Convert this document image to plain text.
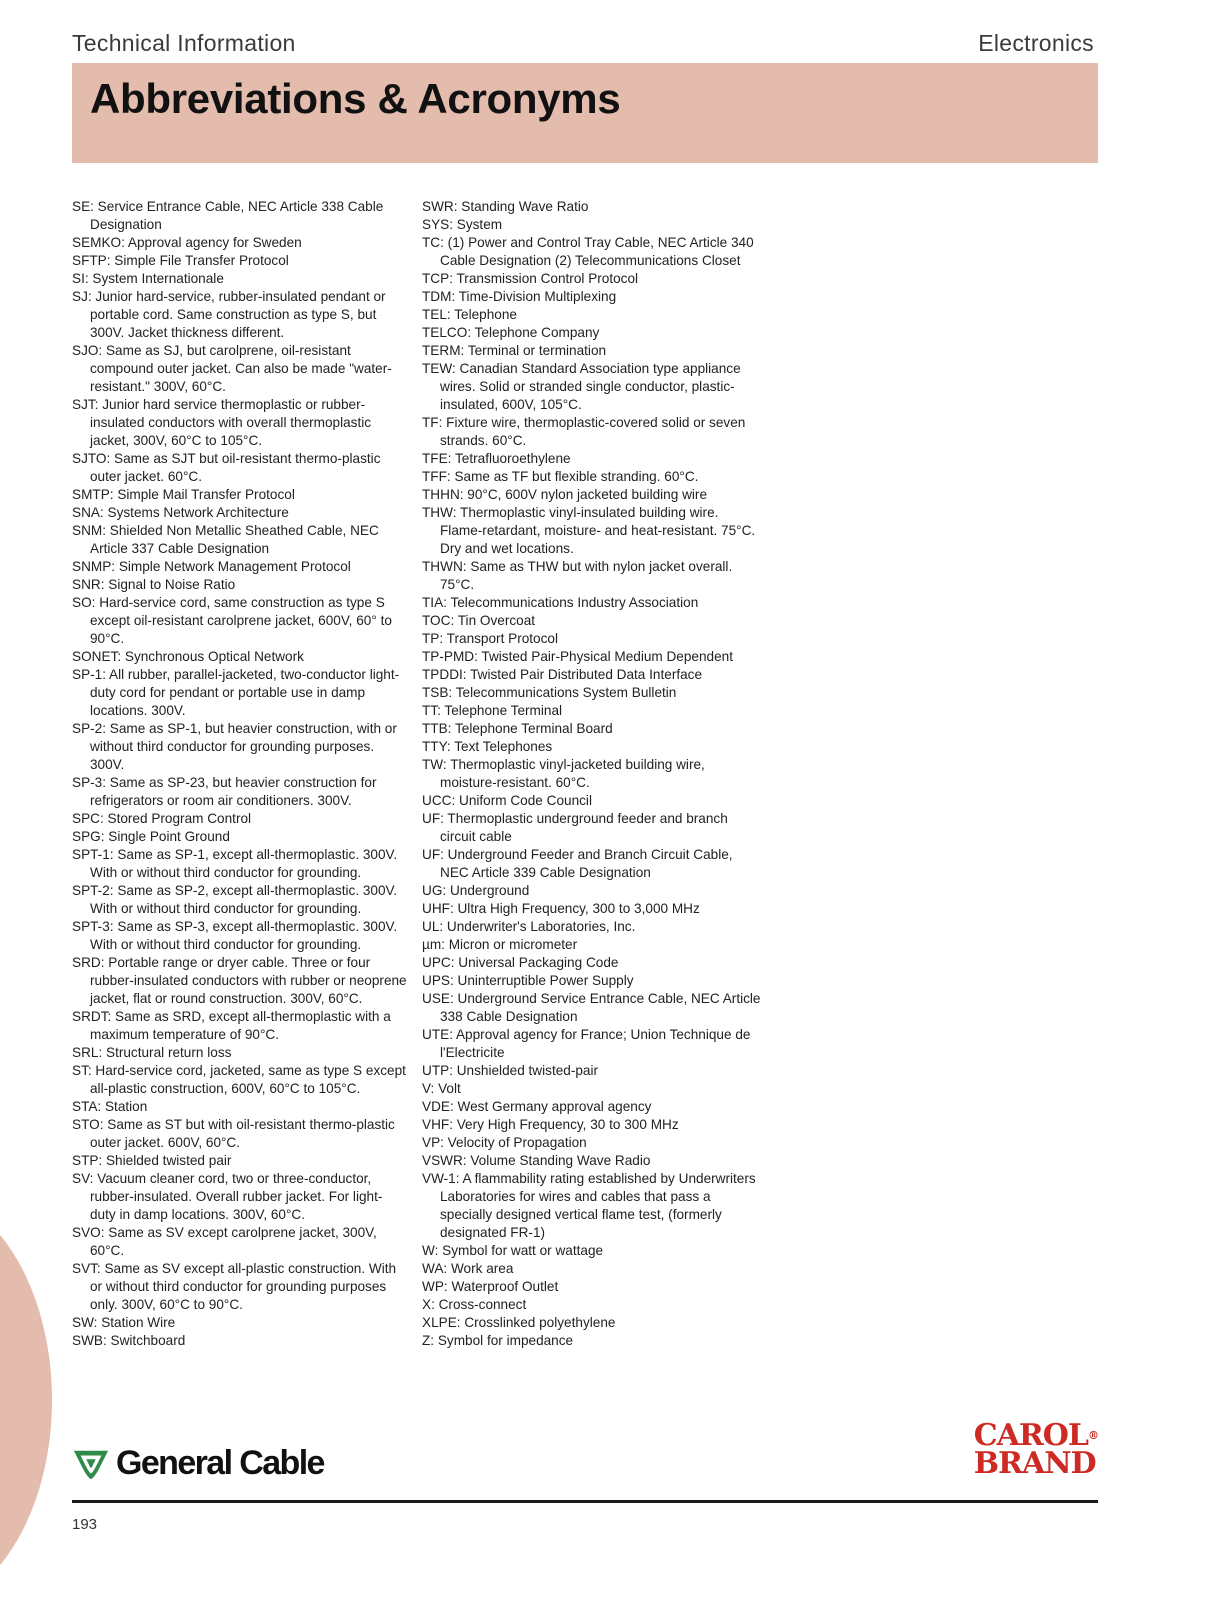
Technical Information	Electronics
Abbreviations & Acronyms

SE: Service Entrance Cable, NEC Article 338 Cable Designation

SEMKO: Approval agency for Sweden

SFTP: Simple File Transfer Protocol

SI: System Internationale

SJ: Junior hard-service, rubber-insulated pendant or portable cord. Same construction as type S, but 300V. Jacket thickness different.

SJO: Same as SJ, but carolprene, oil-resistant compound outer jacket. Can also be made "water-resistant." 300V, 60°C.

SJT: Junior hard service thermoplastic or rubber-insulated conductors with overall thermoplastic jacket, 300V, 60°C to 105°C.

SJTO: Same as SJT but oil-resistant thermo-plastic outer jacket. 60°C.

SMTP: Simple Mail Transfer Protocol

SNA: Systems Network Architecture

SNM: Shielded Non Metallic Sheathed Cable, NEC Article 337 Cable Designation

SNMP: Simple Network Management Protocol

SNR: Signal to Noise Ratio

SO: Hard-service cord, same construction as type S except oil-resistant carolprene jacket, 600V, 60° to 90°C.

SONET: Synchronous Optical Network

SP-1: All rubber, parallel-jacketed, two-conductor light-duty cord for pendant or portable use in damp locations. 300V.

SP-2: Same as SP-1, but heavier construction, with or without third conductor for grounding purposes. 300V.

SP-3: Same as SP-23, but heavier construction for refrigerators or room air conditioners. 300V.

SPC: Stored Program Control

SPG: Single Point Ground

SPT-1: Same as SP-1, except all-thermoplastic. 300V. With or without third conductor for grounding.

SPT-2: Same as SP-2, except all-thermoplastic. 300V. With or without third conductor for grounding.

SPT-3: Same as SP-3, except all-thermoplastic. 300V. With or without third conductor for grounding.

SRD: Portable range or dryer cable. Three or four rubber-insulated conductors with rubber or neoprene jacket, flat or round construction. 300V, 60°C.

SRDT: Same as SRD, except all-thermoplastic with a maximum temperature of 90°C.

SRL: Structural return loss

ST: Hard-service cord, jacketed, same as type S except all-plastic construction, 600V, 60°C to 105°C.

STA: Station

STO: Same as ST but with oil-resistant thermo-plastic outer jacket. 600V, 60°C.

STP: Shielded twisted pair

SV: Vacuum cleaner cord, two or three-conductor, rubber-insulated. Overall rubber jacket. For light-duty in damp locations. 300V, 60°C.

SVO: Same as SV except carolprene jacket, 300V, 60°C.

SVT: Same as SV except all-plastic construction. With or without third conductor for grounding purposes only. 300V, 60°C to 90°C.

SW: Station Wire

SWB: Switchboard

SWR: Standing Wave Ratio

SYS: System

TC: (1) Power and Control Tray Cable, NEC Article 340 Cable Designation (2) Telecommunications Closet

TCP: Transmission Control Protocol

TDM: Time-Division Multiplexing

TEL: Telephone

TELCO: Telephone Company

TERM: Terminal or termination

TEW: Canadian Standard Association type appliance wires. Solid or stranded single conductor, plastic-insulated, 600V, 105°C.

TF: Fixture wire, thermoplastic-covered solid or seven strands. 60°C.

TFE: Tetrafluoroethylene

TFF: Same as TF but flexible stranding. 60°C.

THHN: 90°C, 600V nylon jacketed building wire

THW: Thermoplastic vinyl-insulated building wire. Flame-retardant, moisture- and heat-resistant. 75°C. Dry and wet locations.

THWN: Same as THW but with nylon jacket overall. 75°C.

TIA: Telecommunications Industry Association

TOC: Tin Overcoat

TP: Transport Protocol

TP-PMD: Twisted Pair-Physical Medium Dependent

TPDDI: Twisted Pair Distributed Data Interface

TSB: Telecommunications System Bulletin

TT: Telephone Terminal

TTB: Telephone Terminal Board

TTY: Text Telephones

TW: Thermoplastic vinyl-jacketed building wire, moisture-resistant. 60°C.

UCC: Uniform Code Council

UF: Thermoplastic underground feeder and branch circuit cable

UF: Underground Feeder and Branch Circuit Cable, NEC Article 339 Cable Designation

UG: Underground

UHF: Ultra High Frequency, 300 to 3,000 MHz

UL: Underwriter's Laboratories, Inc.

µm: Micron or micrometer

UPC: Universal Packaging Code

UPS: Uninterruptible Power Supply

USE: Underground Service Entrance Cable, NEC Article 338 Cable Designation

UTE: Approval agency for France; Union Technique de l'Electricite

UTP: Unshielded twisted-pair

V: Volt

VDE: West Germany approval agency

VHF: Very High Frequency, 30 to 300 MHz

VP: Velocity of Propagation

VSWR: Volume Standing Wave Radio

VW-1: A flammability rating established by Underwriters Laboratories for wires and cables that pass a specially designed vertical flame test, (formerly designated FR-1)

W: Symbol for watt or wattage

WA: Work area

WP: Waterproof Outlet

X: Cross-connect

XLPE: Crosslinked polyethylene

Z: Symbol for impedance

General Cable
CAROL®
BRAND
193
